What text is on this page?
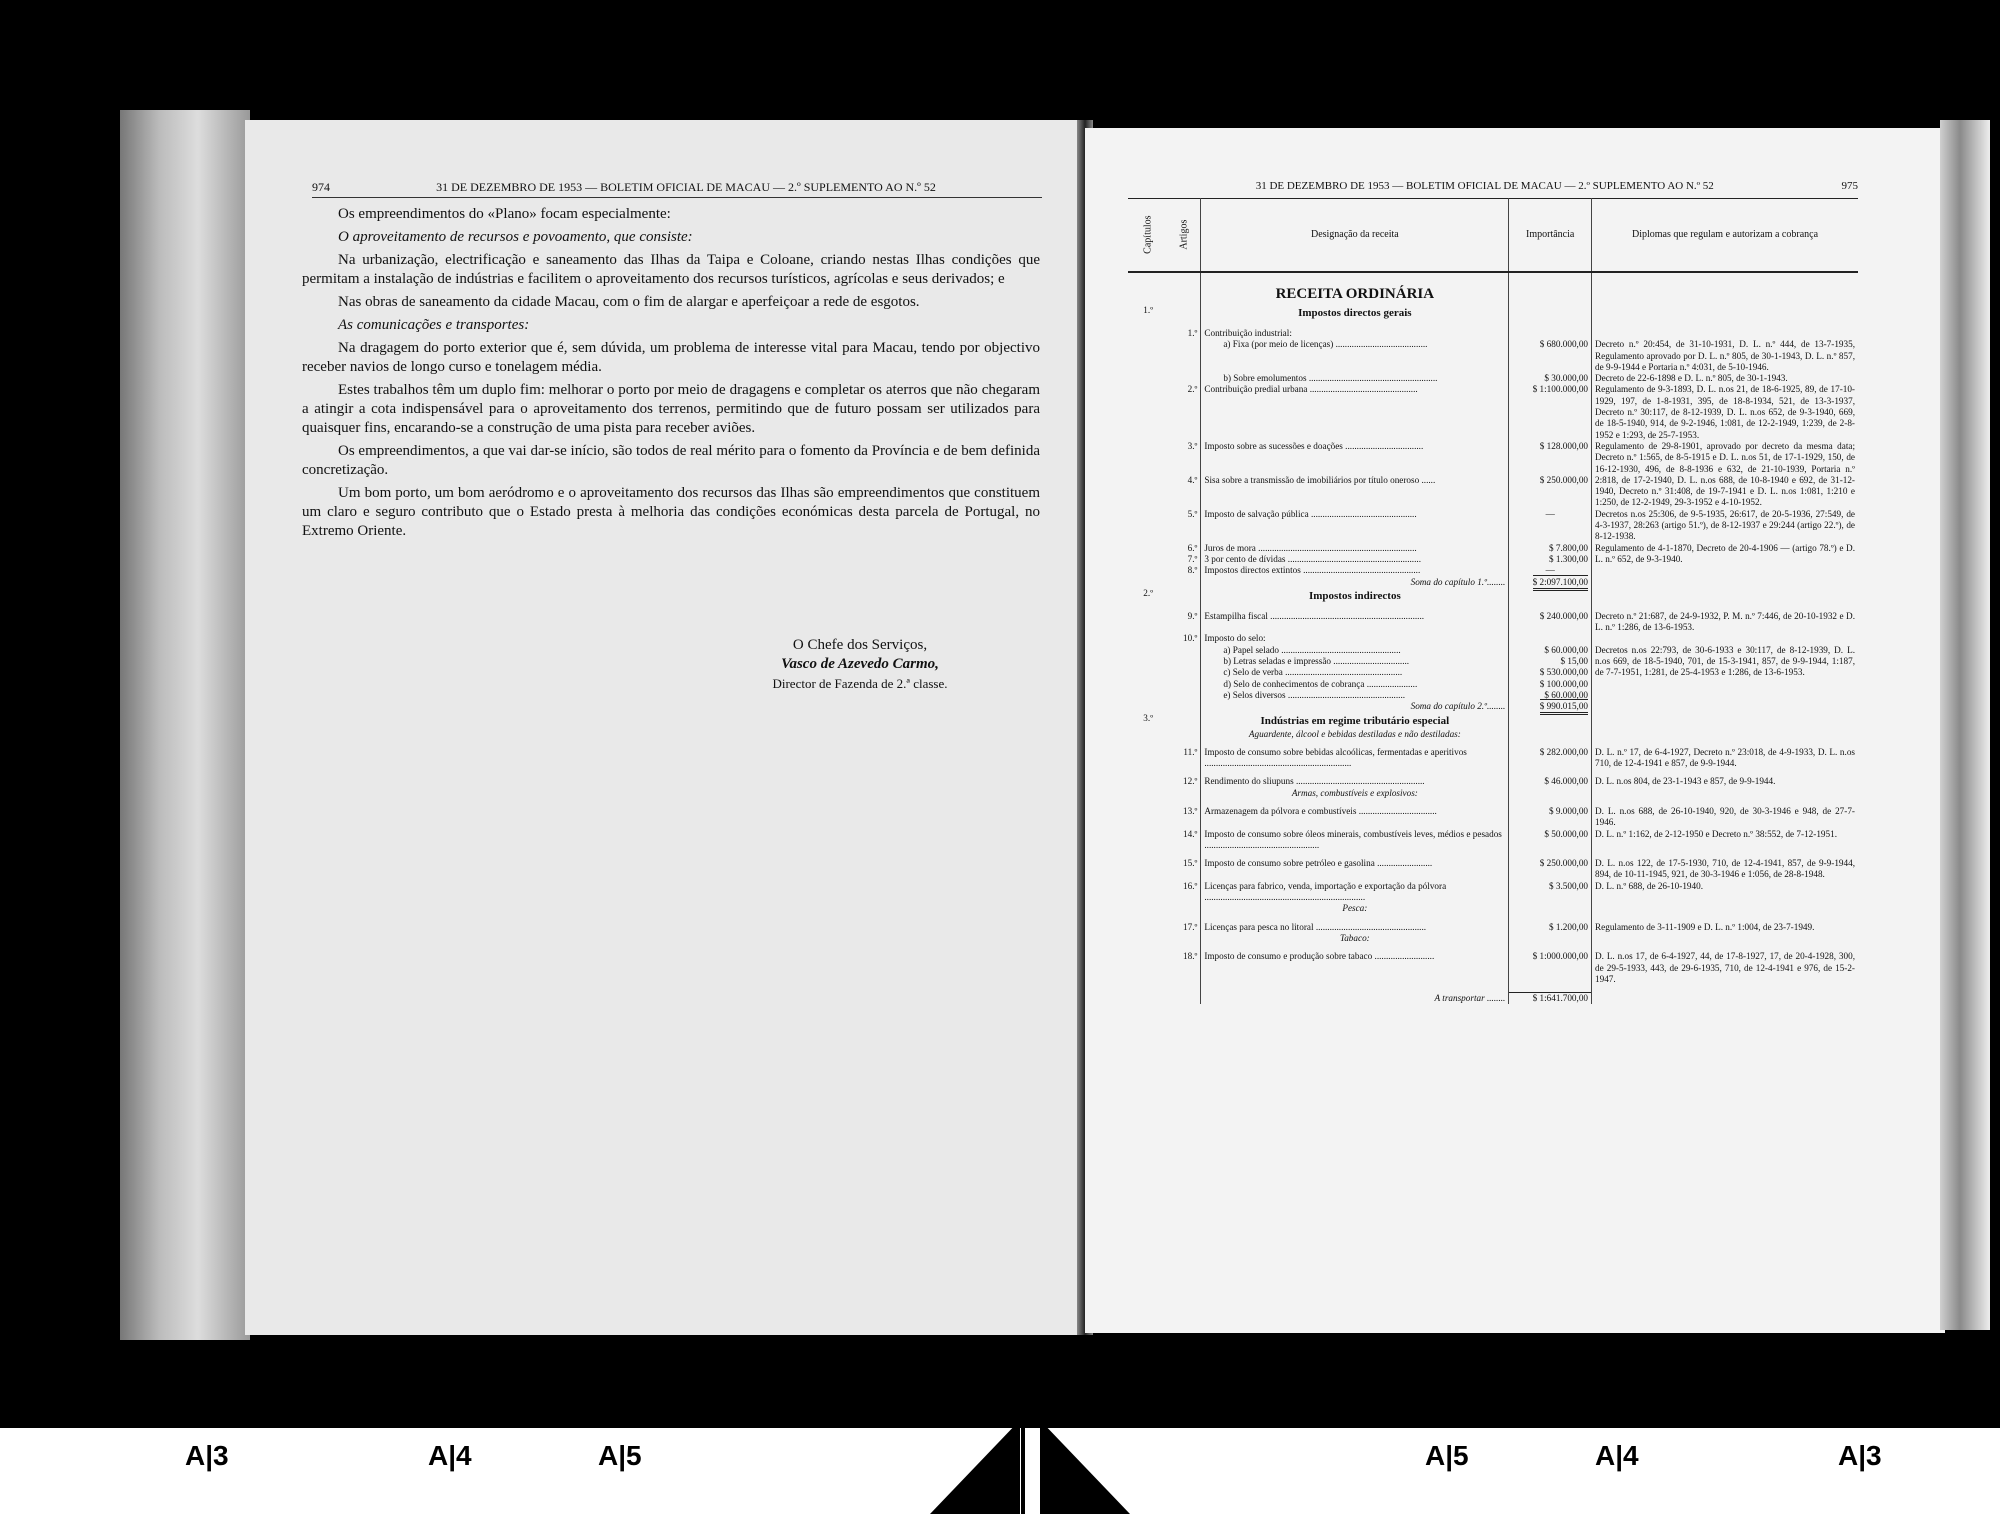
974	31 DE DEZEMBRO DE 1953 — BOLETIM OFICIAL DE MACAU — 2.º SUPLEMENTO AO N.º 52

Os empreendimentos do «Plano» focam especialmente:

O aproveitamento de recursos e povoamento, que consiste:

Na urbanização, electrificação e saneamento das Ilhas da Taipa e Coloane, criando nestas Ilhas condições que permitam a instalação de indústrias e facilitem o aproveitamento dos recursos turísticos, agrícolas e seus derivados; e

Nas obras de saneamento da cidade Macau, com o fim de alargar e aperfeiçoar a rede de esgotos.

As comunicações e transportes:

Na dragagem do porto exterior que é, sem dúvida, um problema de interesse vital para Macau, tendo por objectivo receber navios de longo curso e tonelagem média.

Estes trabalhos têm um duplo fim: melhorar o porto por meio de dragagens e completar os aterros que não chegaram a atingir a cota indispensável para o aproveitamento dos terrenos, permitindo que de futuro possam ser utilizados para quaisquer fins, encarando-se a construção de uma pista para receber aviões.

Os empreendimentos, a que vai dar-se início, são todos de real mérito para o fomento da Província e de bem definida concretização.

Um bom porto, um bom aeródromo e o aproveitamento dos recursos das Ilhas são empreendimentos que constituem um claro e seguro contributo que o Estado presta à melhoria das condições económicas desta parcela de Portugal, no Extremo Oriente.

O Chefe dos Serviços,
Vasco de Azevedo Carmo,
Director de Fazenda de 2.ª classe.
31 DE DEZEMBRO DE 1953 — BOLETIM OFICIAL DE MACAU — 2.º SUPLEMENTO AO N.º 52	975
Capítulos	Artigos	Designação da receita	Importância	Diplomas que regulam e autorizam a cobrança
		RECEITA ORDINÁRIA		
1.º		Impostos directos gerais		

	1.º	Contribuição industrial:		
		a) Fixa (por meio de licenças) ........................................	$ 680.000,00	Decreto n.º 20:454, de 31-10-1931, D. L. n.º 444, de 13-7-1935, Regulamento aprovado por D. L. n.º 805, de 30-1-1943, D. L. n.º 857, de 9-9-1944 e Portaria n.º 4:031, de 5-10-1946.
		b) Sobre emolumentos ........................................................	$ 30.000,00	Decreto de 22-6-1898 e D. L. n.º 805, de 30-1-1943.
	2.º	Contribuição predial urbana ...............................................	$ 1:100.000,00	Regulamento de 9-3-1893, D. L. n.os 21, de 18-6-1925, 89, de 17-10-1929, 197, de 1-8-1931, 395, de 18-8-1934, 521, de 13-3-1937, Decreto n.º 30:117, de 8-12-1939, D. L. n.os 652, de 9-3-1940, 669, de 18-5-1940, 914, de 9-2-1946, 1:081, de 12-2-1949, 1:239, de 2-8-1952 e 1:293, de 25-7-1953.
	3.º	Imposto sobre as sucessões e doações ..................................	$ 128.000,00	Regulamento de 29-8-1901, aprovado por decreto da mesma data; Decreto n.º 1:565, de 8-5-1915 e D. L. n.os 51, de 17-1-1929, 150, de 16-12-1930, 496, de 8-8-1936 e 632, de 21-10-1939, Portaria n.º 2:818, de 17-2-1940, D. L. n.os 688, de 10-8-1940 e 692, de 31-12-1940, Decreto n.º 31:408, de 19-7-1941 e D. L. n.os 1:081, 1:210 e 1:250, de 12-2-1949, 29-3-1952 e 4-10-1952.
	4.º	Sisa sobre a transmissão de imobiliários por título oneroso ......	$ 250.000,00	
	5.º	Imposto de salvação pública ..............................................	—	Decretos n.os 25:306, de 9-5-1935, 26:617, de 20-5-1936, 27:549, de 4-3-1937, 28:263 (artigo 51.º), de 8-12-1937 e 29:244 (artigo 22.º), de 8-12-1938.
	6.º	Juros de mora .....................................................................	$ 7.800,00	Regulamento de 4-1-1870, Decreto de 20-4-1906 — (artigo 78.º) e D. L. n.º 652, de 9-3-1940.
	7.º	3 por cento de dívidas ..........................................................	$ 1.300,00	
	8.º	Impostos directos extintos ...................................................	—	
		Soma do capítulo 1.º........	$ 2:097.100,00	
2.º		Impostos indirectos		

	9.º	Estampilha fiscal ...................................................................	$ 240.000,00	Decreto n.º 21:687, de 24-9-1932, P. M. n.º 7:446, de 20-10-1932 e D. L. n.º 1:286, de 13-6-1953.
	10.º	Imposto do selo:		
		a) Papel selado ....................................................	$ 60.000,00	Decretos n.os 22:793, de 30-6-1933 e 30:117, de 8-12-1939, D. L. n.os 669, de 18-5-1940, 701, de 15-3-1941, 857, de 9-9-1944, 1:187, de 7-7-1951, 1:281, de 25-4-1953 e 1:286, de 13-6-1953.
		b) Letras seladas e impressão .................................	$ 15,00	
		c) Selo de verba ...................................................	$ 530.000,00	
		d) Selo de conhecimentos de cobrança ......................	$ 100.000,00	
		e) Selos diversos ...................................................	$ 60.000,00	
		Soma do capítulo 2.º........	$ 990.015,00	
3.º		Indústrias em regime tributário especial		
		Aguardente, álcool e bebidas destiladas e não destiladas:		

	11.º	Imposto de consumo sobre bebidas alcoólicas, fermentadas e aperitivos ................................................................	$ 282.000,00	D. L. n.º 17, de 6-4-1927, Decreto n.º 23:018, de 4-9-1933, D. L. n.os 710, de 12-4-1941 e 857, de 9-9-1944.

	12.º	Rendimento do sliupuns ........................................................	$ 46.000,00	D. L. n.os 804, de 23-1-1943 e 857, de 9-9-1944.
		Armas, combustíveis e explosivos:		

	13.º	Armazenagem da pólvora e combustíveis ..................................	$ 9.000,00	D. L. n.os 688, de 26-10-1940, 920, de 30-3-1946 e 948, de 27-7-1946.
	14.º	Imposto de consumo sobre óleos minerais, combustíveis leves, médios e pesados ..................................................	$ 50.000,00	D. L. n.º 1:162, de 2-12-1950 e Decreto n.º 38:552, de 7-12-1951.

	15.º	Imposto de consumo sobre petróleo e gasolina ........................	$ 250.000,00	D. L. n.os 122, de 17-5-1930, 710, de 12-4-1941, 857, de 9-9-1944, 894, de 10-11-1945, 921, de 30-3-1946 e 1:056, de 28-8-1948.
	16.º	Licenças para fabrico, venda, importação e exportação da pólvora ......................................................................	$ 3.500,00	D. L. n.º 688, de 26-10-1940.
		Pesca:		

	17.º	Licenças para pesca no litoral ................................................	$ 1.200,00	Regulamento de 3-11-1909 e D. L. n.º 1:004, de 23-7-1949.
		Tabaco:		

	18.º	Imposto de consumo e produção sobre tabaco ..........................	$ 1:000.000,00	D. L. n.os 17, de 6-4-1927, 44, de 17-8-1927, 17, de 20-4-1928, 300, de 29-5-1933, 443, de 29-6-1935, 710, de 12-4-1941 e 976, de 15-2-1947.

		A transportar ........	$ 1:641.700,00	
A|3	A|4	A|5	A|5	A|4	A|3
